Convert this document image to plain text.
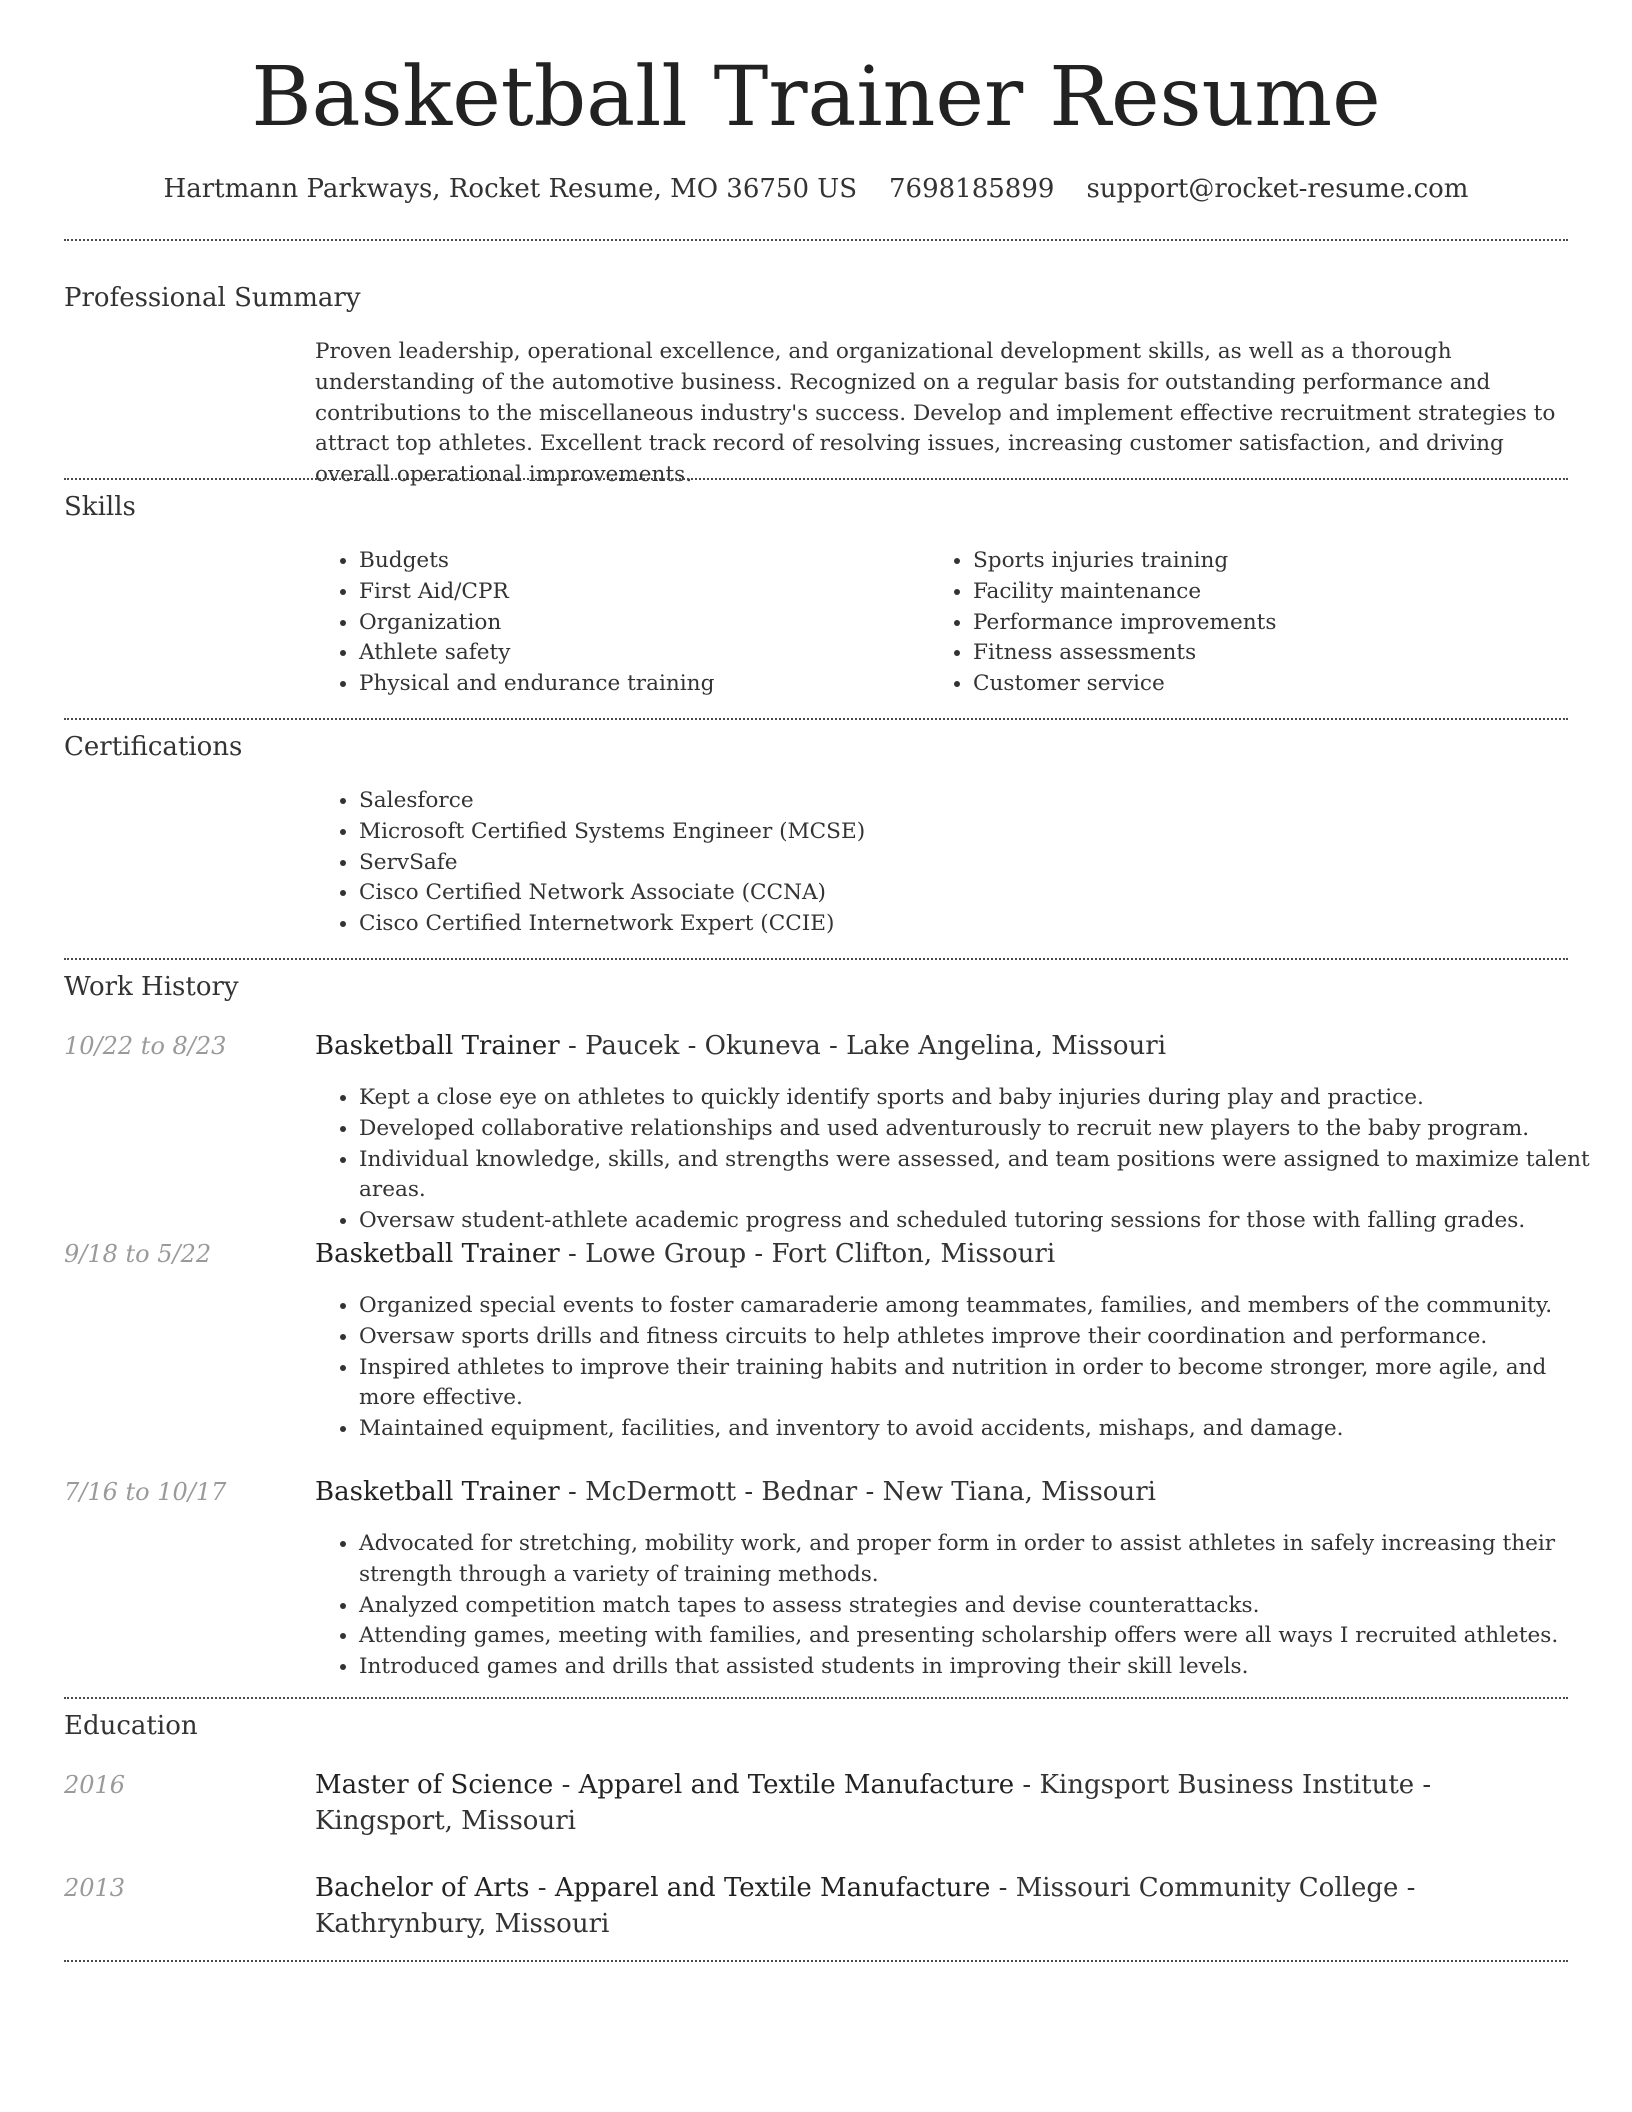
Basketball Trainer Resume
Hartmann Parkways, Rocket Resume, MO 36750 US 7698185899 support@rocket-resume.com
Professional Summary

Proven leadership, operational excellence, and organizational development skills, as well as a thorough understanding of the automotive business. Recognized on a regular basis for outstanding performance and contributions to the miscellaneous industry's success. Develop and implement effective recruitment strategies to attract top athletes. Excellent track record of resolving issues, increasing customer satisfaction, and driving overall operational improvements.

Skills
• Budgets
• First Aid/CPR
• Organization
• Athlete safety
• Physical and endurance training
• Sports injuries training
• Facility maintenance
• Performance improvements
• Fitness assessments
• Customer service
Certifications
• Salesforce
• Microsoft Certified Systems Engineer (MCSE)
• ServSafe
• Cisco Certified Network Associate (CCNA)
• Cisco Certified Internetwork Expert (CCIE)
Work History
10/22 to 8/23	Basketball Trainer - Paucek - Okuneva - Lake Angelina, Missouri
• Kept a close eye on athletes to quickly identify sports and baby injuries during play and practice.
• Developed collaborative relationships and used adventurously to recruit new players to the baby program.
• Individual knowledge, skills, and strengths were assessed, and team positions were assigned to maximize talent areas.
• Oversaw student-athlete academic progress and scheduled tutoring sessions for those with falling grades.
9/18 to 5/22	Basketball Trainer - Lowe Group - Fort Clifton, Missouri
• Organized special events to foster camaraderie among teammates, families, and members of the community.
• Oversaw sports drills and fitness circuits to help athletes improve their coordination and performance.
• Inspired athletes to improve their training habits and nutrition in order to become stronger, more agile, and more effective.
• Maintained equipment, facilities, and inventory to avoid accidents, mishaps, and damage.
7/16 to 10/17	Basketball Trainer - McDermott - Bednar - New Tiana, Missouri
• Advocated for stretching, mobility work, and proper form in order to assist athletes in safely increasing their strength through a variety of training methods.
• Analyzed competition match tapes to assess strategies and devise counterattacks.
• Attending games, meeting with families, and presenting scholarship offers were all ways I recruited athletes.
• Introduced games and drills that assisted students in improving their skill levels.
Education
2016	Master of Science - Apparel and Textile Manufacture - Kingsport Business Institute - Kingsport, Missouri
2013	Bachelor of Arts - Apparel and Textile Manufacture - Missouri Community College - Kathrynbury, Missouri
